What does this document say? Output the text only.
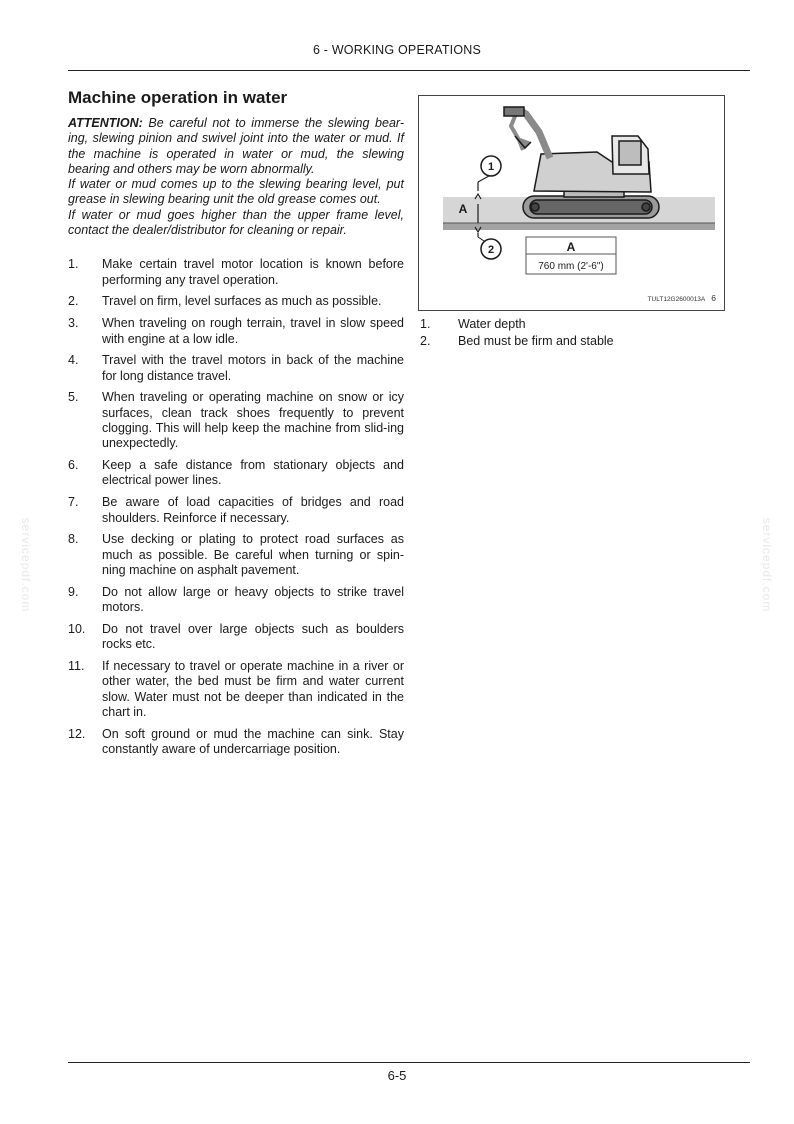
6 - WORKING OPERATIONS
Machine operation in water

ATTENTION: Be careful not to immerse the slewing bear-ing, slewing pinion and swivel joint into the water or mud. If the machine is operated in water or mud, the slewing bearing and others may be worn abnormally.

If water or mud comes up to the slewing bearing level, put grease in slewing bearing unit the old grease comes out.

If water or mud goes higher than the upper frame level, contact the dealer/distributor for cleaning or repair.

1.	Make certain travel motor location is known before performing any travel operation.
2.	Travel on firm, level surfaces as much as possible.
3.	When traveling on rough terrain, travel in slow speed with engine at a low idle.
4.	Travel with the travel motors in back of the machine for long distance travel.
5.	When traveling or operating machine on snow or icy surfaces, clean track shoes frequently to prevent clogging. This will help keep the machine from slid-ing unexpectedly.
6.	Keep a safe distance from stationary objects and electrical power lines.
7.	Be aware of load capacities of bridges and road shoulders. Reinforce if necessary.
8.	Use decking or plating to protect road surfaces as much as possible. Be careful when turning or spin-ning machine on asphalt pavement.
9.	Do not allow large or heavy objects to strike travel motors.
10.	Do not travel over large objects such as boulders rocks etc.
11.	If necessary to travel or operate machine in a river or other water, the bed must be firm and water current slow. Water must not be deeper than indicated in the chart in.
12.	On soft ground or mud the machine can sink. Stay constantly aware of undercarriage position.
1
2
A
A
760 mm (2'-6")
TULT12G2600013A 6
1.	Water depth
2.	Bed must be firm and stable
servicepdf.com	servicepdf.com
6-5
